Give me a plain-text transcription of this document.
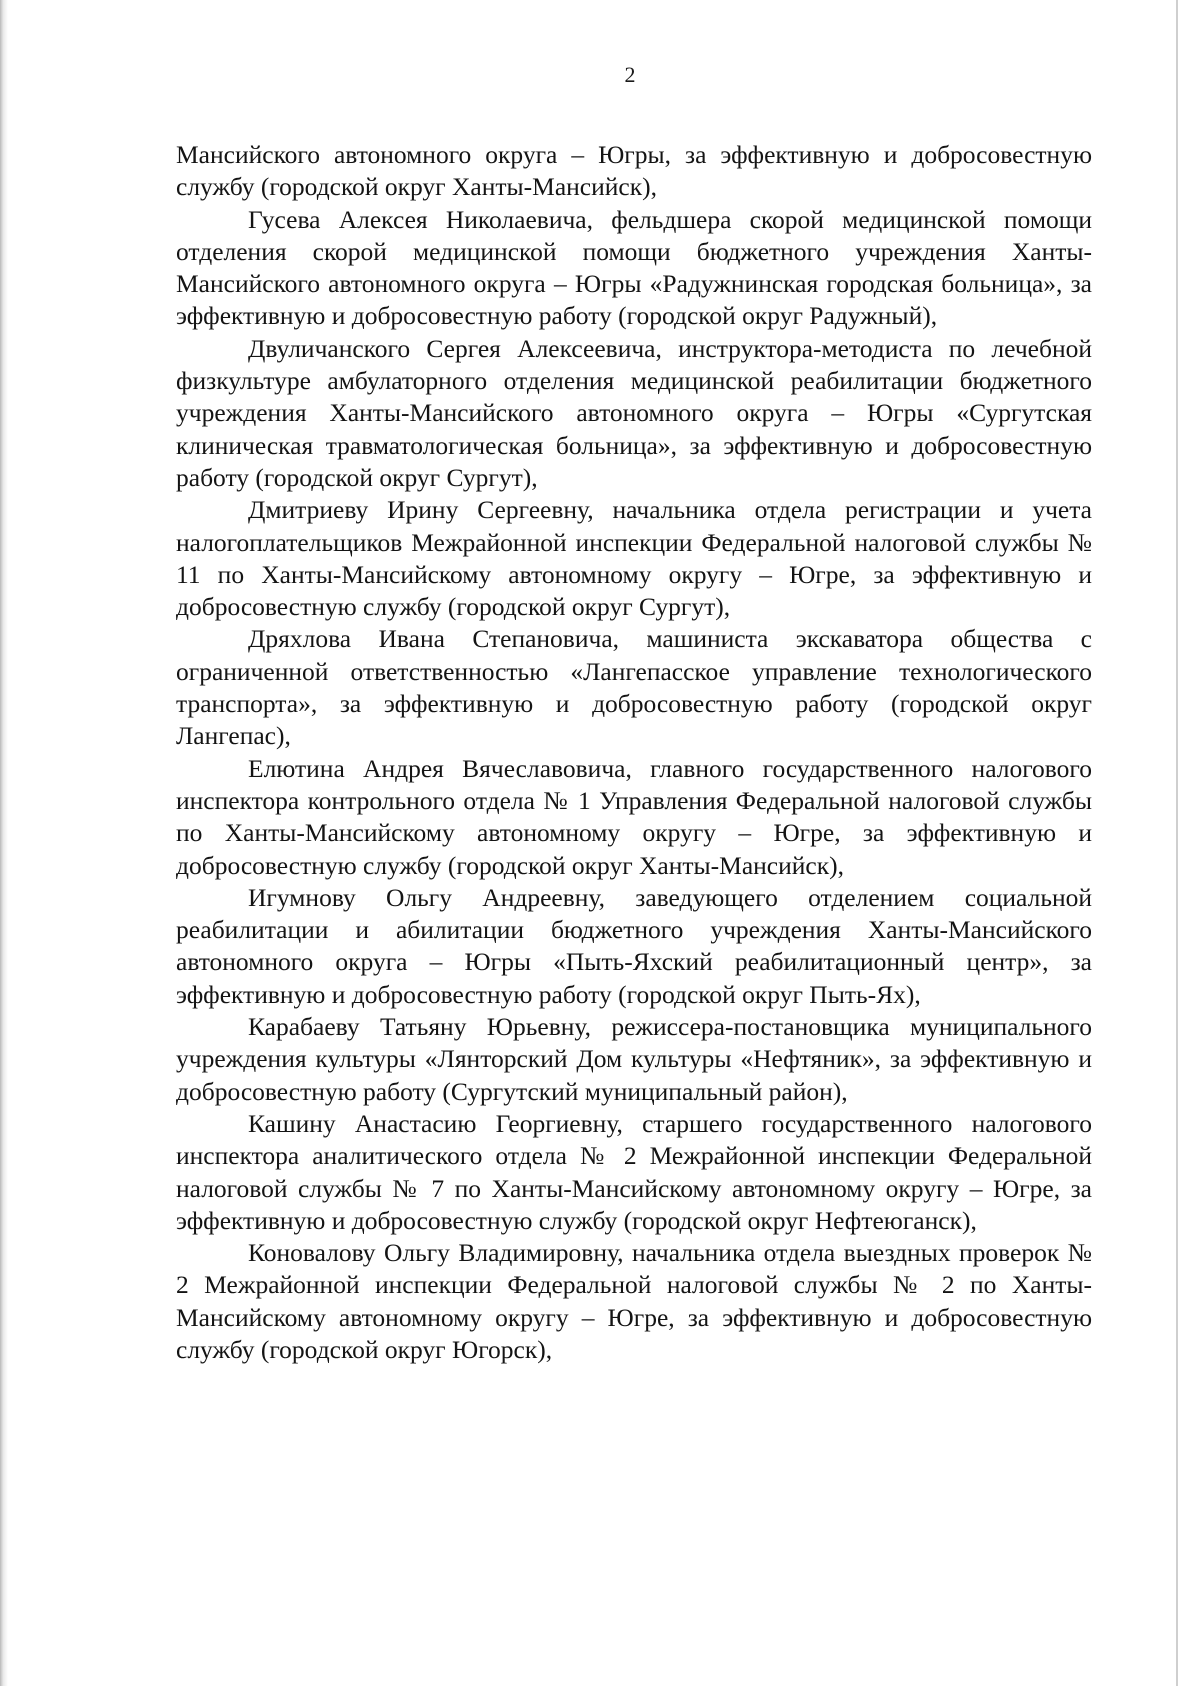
2

Мансийского автономного округа – Югры, за эффективную и добросовестную службу (городской округ Ханты-Мансийск),

Гусева Алексея Николаевича, фельдшера скорой медицинской помощи отделения скорой медицинской помощи бюджетного учреждения Ханты-Мансийского автономного округа – Югры «Радужнинская городская больница», за эффективную и добросовестную работу (городской округ Радужный),

Двуличанского Сергея Алексеевича, инструктора-методиста по лечебной физкультуре амбулаторного отделения медицинской реабилитации бюджетного учреждения Ханты-Мансийского автономного округа – Югры «Сургутская клиническая травматологическая больница», за эффективную и добросовестную работу (городской округ Сургут),

Дмитриеву Ирину Сергеевну, начальника отдела регистрации и учета налогоплательщиков Межрайонной инспекции Федеральной налоговой службы № 11 по Ханты-Мансийскому автономному округу – Югре, за эффективную и добросовестную службу (городской округ Сургут),

Дряхлова Ивана Степановича, машиниста экскаватора общества с ограниченной ответственностью «Лангепасское управление технологического транспорта», за эффективную и добросовестную работу (городской округ Лангепас),

Елютина Андрея Вячеславовича, главного государственного налогового инспектора контрольного отдела № 1 Управления Федеральной налоговой службы по Ханты-Мансийскому автономному округу – Югре, за эффективную и добросовестную службу (городской округ Ханты-Мансийск),

Игумнову Ольгу Андреевну, заведующего отделением социальной реабилитации и абилитации бюджетного учреждения Ханты-Мансийского автономного округа – Югры «Пыть-Яхский реабилитационный центр», за эффективную и добросовестную работу (городской округ Пыть-Ях),

Карабаеву Татьяну Юрьевну, режиссера-постановщика муниципального учреждения культуры «Лянторский Дом культуры «Нефтяник», за эффективную и добросовестную работу (Сургутский муниципальный район),

Кашину Анастасию Георгиевну, старшего государственного налогового инспектора аналитического отдела № 2 Межрайонной инспекции Федеральной налоговой службы № 7 по Ханты-Мансийскому автономному округу – Югре, за эффективную и добросовестную службу (городской округ Нефтеюганск),

Коновалову Ольгу Владимировну, начальника отдела выездных проверок № 2 Межрайонной инспекции Федеральной налоговой службы № 2 по Ханты-Мансийскому автономному округу – Югре, за эффективную и добросовестную службу (городской округ Югорск),
